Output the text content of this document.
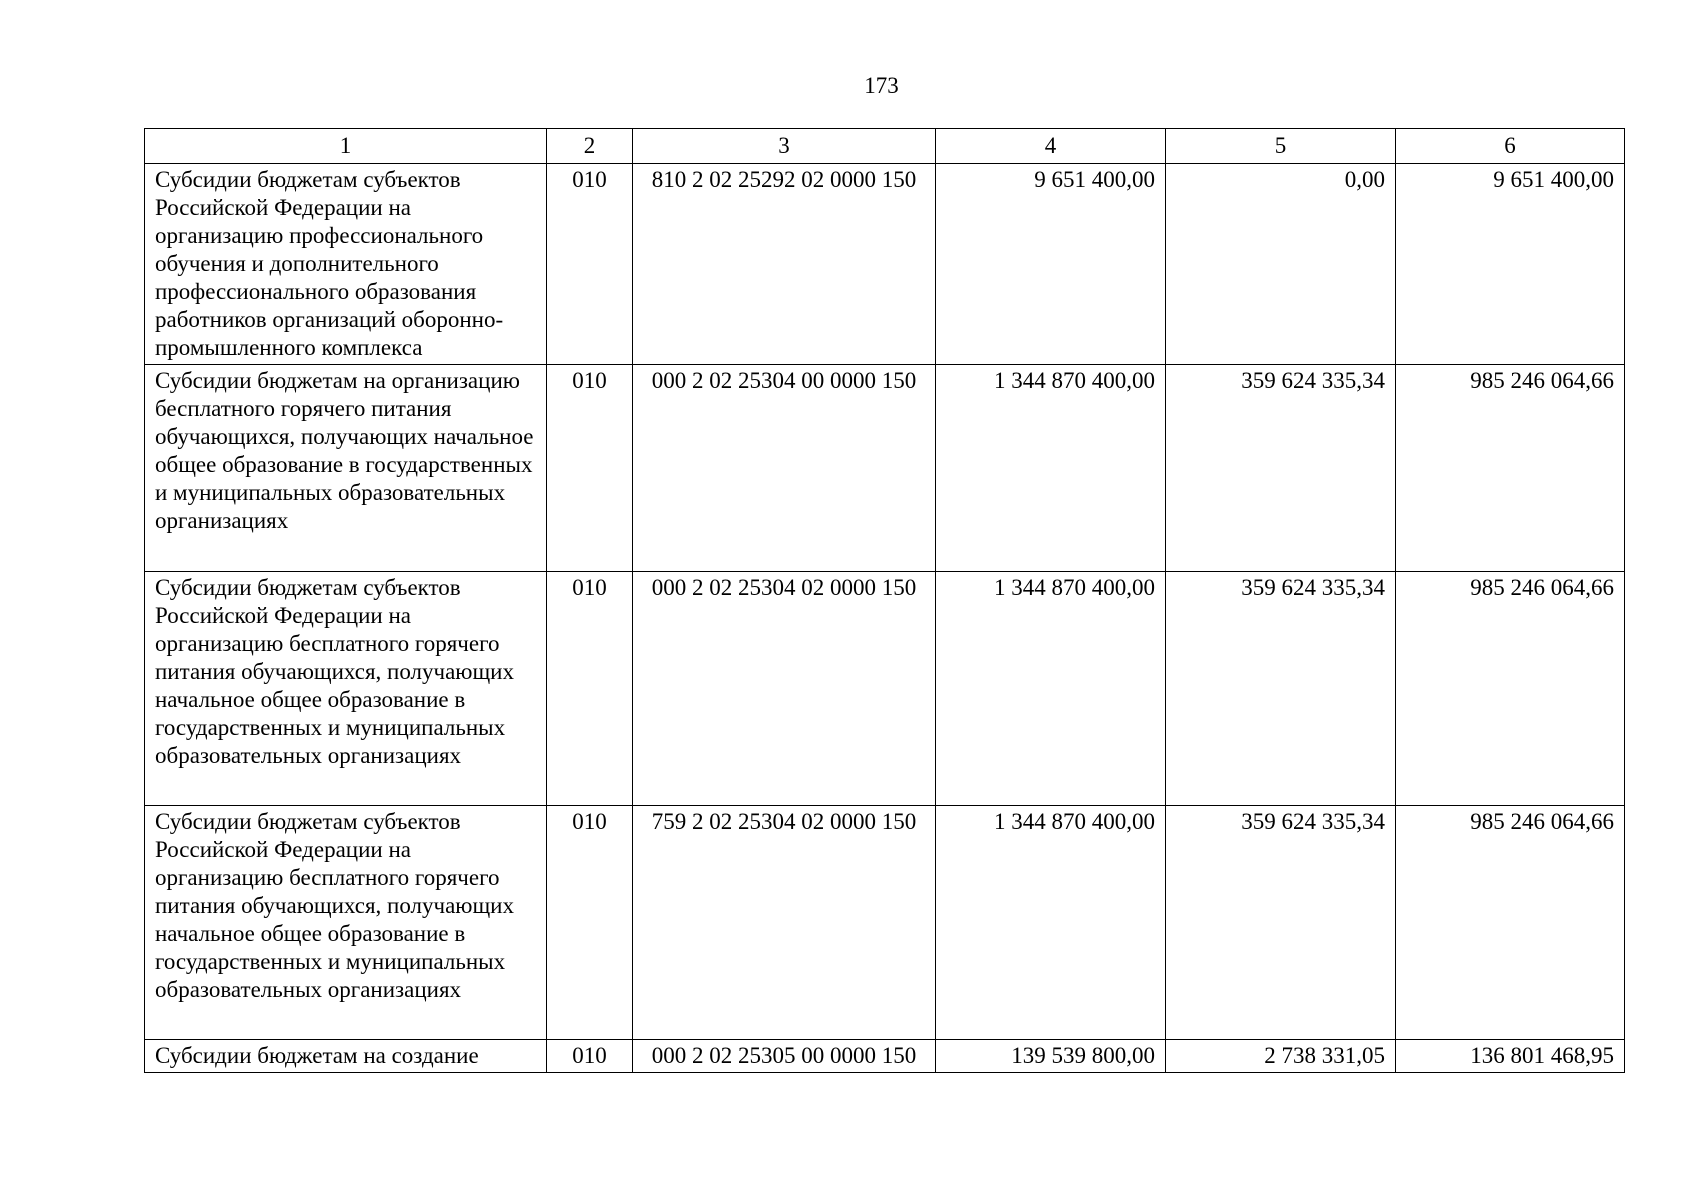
173
1	2	3	4	5	6
Субсидии бюджетам субъектов Российской Федерации на организацию профессионального обучения и дополнительного профессионального образования работников организаций оборонно-промышленного комплекса	010	810 2 02 25292 02 0000 150	9 651 400,00	0,00	9 651 400,00
Субсидии бюджетам на организацию бесплатного горячего питания обучающихся, получающих начальное общее образование в государственных и муниципальных образовательных организациях	010	000 2 02 25304 00 0000 150	1 344 870 400,00	359 624 335,34	985 246 064,66
Субсидии бюджетам субъектов Российской Федерации на организацию бесплатного горячего питания обучающихся, получающих начальное общее образование в государственных и муниципальных образовательных организациях	010	000 2 02 25304 02 0000 150	1 344 870 400,00	359 624 335,34	985 246 064,66
Субсидии бюджетам субъектов Российской Федерации на организацию бесплатного горячего питания обучающихся, получающих начальное общее образование в государственных и муниципальных образовательных организациях	010	759 2 02 25304 02 0000 150	1 344 870 400,00	359 624 335,34	985 246 064,66
Субсидии бюджетам на создание	010	000 2 02 25305 00 0000 150	139 539 800,00	2 738 331,05	136 801 468,95
